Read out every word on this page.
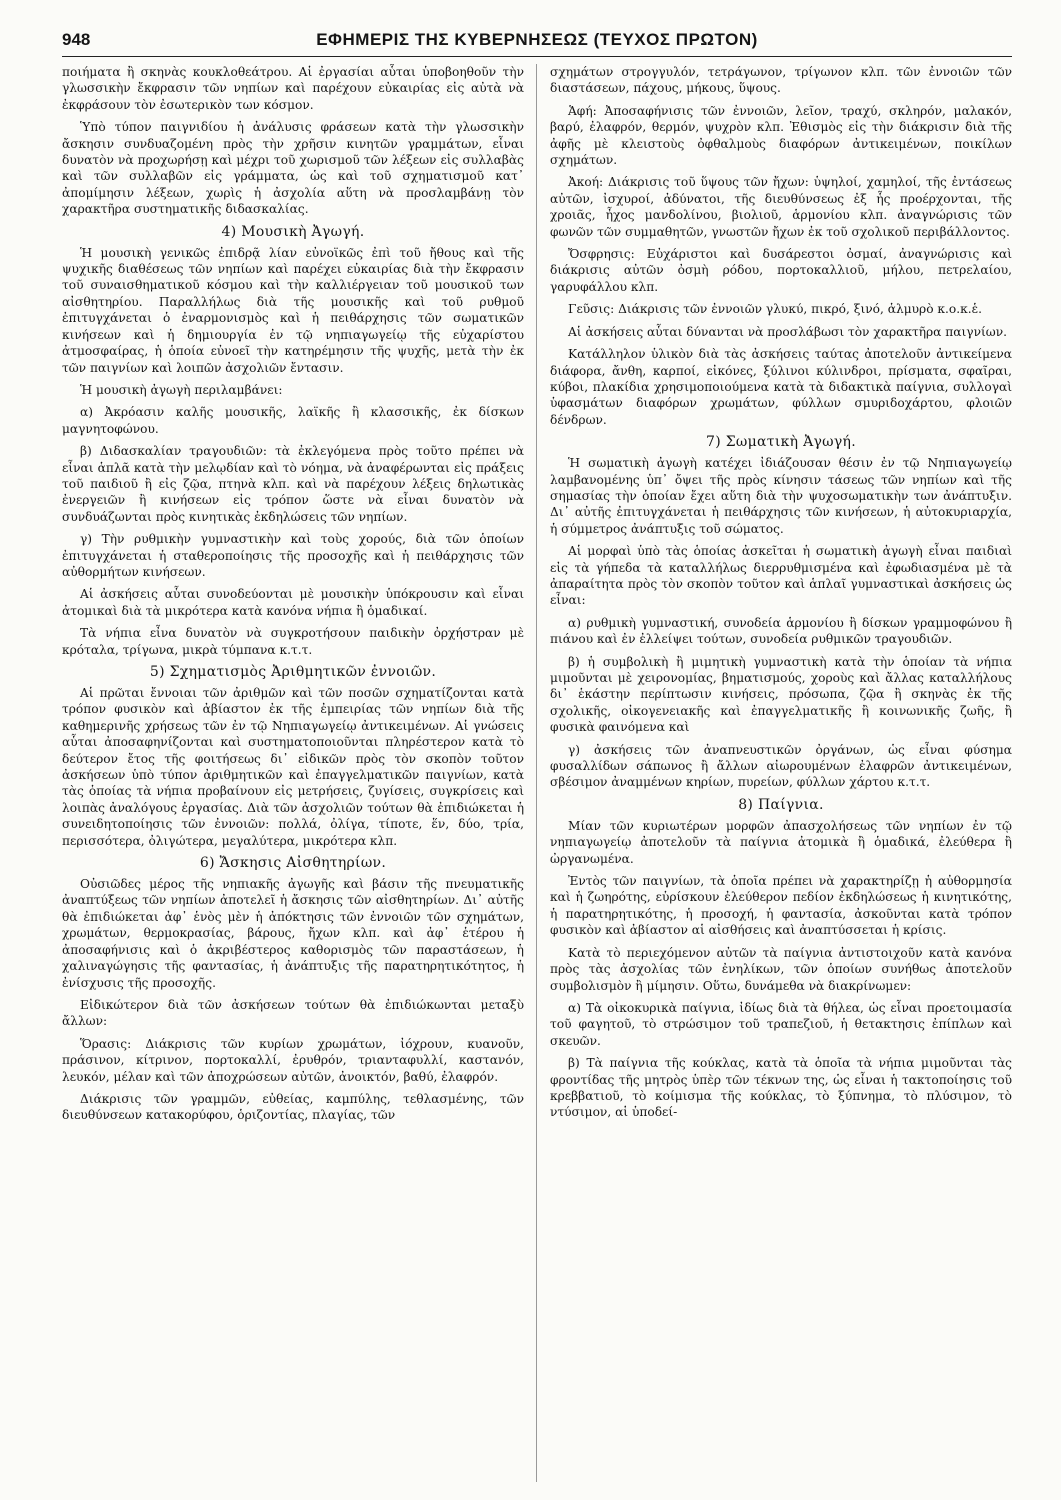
948	ΕΦΗΜΕΡΙΣ ΤΗΣ ΚΥΒΕΡΝΗΣΕΩΣ (ΤΕΥΧΟΣ ΠΡΩΤΟΝ)

ποιήματα ἢ σκηνὰς κουκλοθεάτρου. Αἱ ἐργασίαι αὗται ὑποβοηθοῦν τὴν γλωσσικὴν ἔκφρασιν τῶν νηπίων καὶ παρέχουν εὐκαιρίας εἰς αὐτὰ νὰ ἐκφράσουν τὸν ἐσωτερικὸν των κόσμον.

Ὑπὸ τύπον παιγνιδίου ἡ ἀνάλυσις φράσεων κατὰ τὴν γλωσσικὴν ἄσκησιν συνδυαζομένη πρὸς τὴν χρῆσιν κινητῶν γραμμάτων, εἶναι δυνατὸν νὰ προχωρήσῃ καὶ μέχρι τοῦ χωρισμοῦ τῶν λέξεων εἰς συλλαβὰς καὶ τῶν συλλαβῶν εἰς γράμματα, ὡς καὶ τοῦ σχηματισμοῦ κατ᾿ ἀπομίμησιν λέξεων, χωρὶς ἡ ἀσχολία αὕτη νὰ προσλαμβάνῃ τὸν χαρακτῆρα συστηματικῆς διδασκαλίας.

4) Μουσικὴ Ἀγωγή.

Ἡ μουσικὴ γενικῶς ἐπιδρᾷ λίαν εὐνοϊκῶς ἐπὶ τοῦ ἤθους καὶ τῆς ψυχικῆς διαθέσεως τῶν νηπίων καὶ παρέχει εὐκαιρίας διὰ τὴν ἔκφρασιν τοῦ συναισθηματικοῦ κόσμου καὶ τὴν καλλιέργειαν τοῦ μουσικοῦ των αἰσθητηρίου. Παραλλήλως διὰ τῆς μουσικῆς καὶ τοῦ ρυθμοῦ ἐπιτυγχάνεται ὁ ἐναρμονισμὸς καὶ ἡ πειθάρχησις τῶν σωματικῶν κινήσεων καὶ ἡ δημιουργία ἐν τῷ νηπιαγωγείῳ τῆς εὐχαρίστου ἀτμοσφαίρας, ἡ ὁποία εὐνοεῖ τὴν κατηρέμησιν τῆς ψυχῆς, μετὰ τὴν ἐκ τῶν παιγνίων καὶ λοιπῶν ἀσχολιῶν ἔντασιν.

Ἡ μουσικὴ ἀγωγὴ περιλαμβάνει:

α) Ἀκρόασιν καλῆς μουσικῆς, λαϊκῆς ἢ κλασσικῆς, ἐκ δίσκων μαγνητοφώνου.

β) Διδασκαλίαν τραγουδιῶν: τὰ ἐκλεγόμενα πρὸς τοῦτο πρέπει νὰ εἶναι ἁπλᾶ κατὰ τὴν μελῳδίαν καὶ τὸ νόημα, νὰ ἀναφέρωνται εἰς πράξεις τοῦ παιδιοῦ ἢ εἰς ζῷα, πτηνὰ κλπ. καὶ νὰ παρέχουν λέξεις δηλωτικὰς ἐνεργειῶν ἢ κινήσεων εἰς τρόπον ὥστε νὰ εἶναι δυνατὸν νὰ συνδυάζωνται πρὸς κινητικὰς ἐκδηλώσεις τῶν νηπίων.

γ) Τὴν ρυθμικὴν γυμναστικὴν καὶ τοὺς χορούς, διὰ τῶν ὁποίων ἐπιτυγχάνεται ἡ σταθεροποίησις τῆς προσοχῆς καὶ ἡ πειθάρχησις τῶν αὐθορμήτων κινήσεων.

Αἱ ἀσκήσεις αὗται συνοδεύονται μὲ μουσικὴν ὑπόκρουσιν καὶ εἶναι ἀτομικαὶ διὰ τὰ μικρότερα κατὰ κανόνα νήπια ἢ ὁμαδικαί.

Τὰ νήπια εἶνα δυνατὸν νὰ συγκροτήσουν παιδικὴν ὀρχήστραν μὲ κρόταλα, τρίγωνα, μικρὰ τύμπανα κ.τ.τ.

5) Σχηματισμὸς Ἀριθμητικῶν ἐννοιῶν.

Αἱ πρῶται ἔννοιαι τῶν ἀριθμῶν καὶ τῶν ποσῶν σχηματίζονται κατὰ τρόπον φυσικὸν καὶ ἀβίαστον ἐκ τῆς ἐμπειρίας τῶν νηπίων διὰ τῆς καθημερινῆς χρήσεως τῶν ἐν τῷ Νηπιαγωγείῳ ἀντικειμένων. Αἱ γνώσεις αὗται ἀποσαφηνίζονται καὶ συστηματοποιοῦνται πληρέστερον κατὰ τὸ δεύτερον ἔτος τῆς φοιτήσεως δι᾿ εἰδικῶν πρὸς τὸν σκοπὸν τοῦτον ἀσκήσεων ὑπὸ τύπον ἀριθμητικῶν καὶ ἐπαγγελματικῶν παιγνίων, κατὰ τὰς ὁποίας τὰ νήπια προβαίνουν εἰς μετρήσεις, ζυγίσεις, συγκρίσεις καὶ λοιπὰς ἀναλόγους ἐργασίας. Διὰ τῶν ἀσχολιῶν τούτων θὰ ἐπιδιώκεται ἡ συνειδητοποίησις τῶν ἐννοιῶν: πολλά, ὀλίγα, τίποτε, ἕν, δύο, τρία, περισσότερα, ὀλιγώτερα, μεγαλύτερα, μικρότερα κλπ.

6) Ἄσκησις Αἰσθητηρίων.

Οὐσιῶδες μέρος τῆς νηπιακῆς ἀγωγῆς καὶ βάσιν τῆς πνευματικῆς ἀναπτύξεως τῶν νηπίων ἀποτελεῖ ἡ ἄσκησις τῶν αἰσθητηρίων. Δι᾿ αὐτῆς θὰ ἐπιδιώκεται ἀφ᾿ ἑνὸς μὲν ἡ ἀπόκτησις τῶν ἐννοιῶν τῶν σχημάτων, χρωμάτων, θερμοκρασίας, βάρους, ἤχων κλπ. καὶ ἀφ᾿ ἑτέρου ἡ ἀποσαφήνισις καὶ ὁ ἀκριβέστερος καθορισμὸς τῶν παραστάσεων, ἡ χαλιναγώγησις τῆς φαντασίας, ἡ ἀνάπτυξις τῆς παρατηρητικότητος, ἡ ἐνίσχυσις τῆς προσοχῆς.

Εἰδικώτερον διὰ τῶν ἀσκήσεων τούτων θὰ ἐπιδιώκωνται μεταξὺ ἄλλων:

Ὅρασις: Διάκρισις τῶν κυρίων χρωμάτων, ἰόχρουν, κυανοῦν, πράσινον, κίτρινον, πορτοκαλλί, ἐρυθρόν, τριανταφυλλί, καστανόν, λευκόν, μέλαν καὶ τῶν ἀποχρώσεων αὐτῶν, ἀνοικτόν, βαθύ, ἐλαφρόν.

Διάκρισις τῶν γραμμῶν, εὐθείας, καμπύλης, τεθλασμένης, τῶν διευθύνσεων κατακορύφου, ὁριζοντίας, πλαγίας, τῶν

σχημάτων στρογγυλόν, τετράγωνον, τρίγωνον κλπ. τῶν ἐννοιῶν τῶν διαστάσεων, πάχους, μήκους, ὕψους.

Ἁφή: Ἀποσαφήνισις τῶν ἐννοιῶν, λεῖον, τραχύ, σκληρόν, μαλακόν, βαρύ, ἐλαφρόν, θερμόν, ψυχρὸν κλπ. Ἐθισμὸς εἰς τὴν διάκρισιν διὰ τῆς ἀφῆς μὲ κλειστοὺς ὀφθαλμοὺς διαφόρων ἀντικειμένων, ποικίλων σχημάτων.

Ἀκοή: Διάκρισις τοῦ ὕψους τῶν ἤχων: ὑψηλοί, χαμηλοί, τῆς ἐντάσεως αὐτῶν, ἰσχυροί, ἀδύνατοι, τῆς διευθύνσεως ἐξ ἧς προέρχονται, τῆς χροιᾶς, ἦχος μανδολίνου, βιολιοῦ, ἁρμονίου κλπ. ἀναγνώρισις τῶν φωνῶν τῶν συμμαθητῶν, γνωστῶν ἤχων ἐκ τοῦ σχολικοῦ περιβάλλοντος.

Ὄσφρησις: Εὐχάριστοι καὶ δυσάρεστοι ὀσμαί, ἀναγνώρισις καὶ διάκρισις αὐτῶν ὀσμὴ ρόδου, πορτοκαλλιοῦ, μήλου, πετρελαίου, γαρυφάλλου κλπ.

Γεῦσις: Διάκρισις τῶν ἐννοιῶν γλυκύ, πικρό, ξινό, ἁλμυρὸ κ.ο.κ.ἑ.

Αἱ ἀσκήσεις αὗται δύνανται νὰ προσλάβωσι τὸν χαρακτῆρα παιγνίων.

Κατάλληλον ὑλικὸν διὰ τὰς ἀσκήσεις ταύτας ἀποτελοῦν ἀντικείμενα διάφορα, ἄνθη, καρποί, εἰκόνες, ξύλινοι κύλινδροι, πρίσματα, σφαῖραι, κύβοι, πλακίδια χρησιμοποιούμενα κατὰ τὰ διδακτικὰ παίγνια, συλλογαὶ ὑφασμάτων διαφόρων χρωμάτων, φύλλων σμυριδοχάρτου, φλοιῶν δένδρων.

7) Σωματικὴ Ἀγωγή.

Ἡ σωματικὴ ἀγωγὴ κατέχει ἰδιάζουσαν θέσιν ἐν τῷ Νηπιαγωγείῳ λαμβανομένης ὑπ᾿ ὄψει τῆς πρὸς κίνησιν τάσεως τῶν νηπίων καὶ τῆς σημασίας τὴν ὁποίαν ἔχει αὕτη διὰ τὴν ψυχοσωματικὴν των ἀνάπτυξιν. Δι᾿ αὐτῆς ἐπιτυγχάνεται ἡ πειθάρχησις τῶν κινήσεων, ἡ αὐτοκυριαρχία, ἡ σύμμετρος ἀνάπτυξις τοῦ σώματος.

Αἱ μορφαὶ ὑπὸ τὰς ὁποίας ἀσκεῖται ἡ σωματικὴ ἀγωγὴ εἶναι παιδιαὶ εἰς τὰ γήπεδα τὰ καταλλήλως διερρυθμισμένα καὶ ἐφωδιασμένα μὲ τὰ ἀπαραίτητα πρὸς τὸν σκοπὸν τοῦτον καὶ ἁπλαῖ γυμναστικαὶ ἀσκήσεις ὡς εἶναι:

α) ρυθμικὴ γυμναστική, συνοδεία ἁρμονίου ἢ δίσκων γραμμοφώνου ἢ πιάνου καὶ ἐν ἐλλείψει τούτων, συνοδεία ρυθμικῶν τραγουδιῶν.

β) ἡ συμβολικὴ ἢ μιμητικὴ γυμναστικὴ κατὰ τὴν ὁποίαν τὰ νήπια μιμοῦνται μὲ χειρονομίας, βηματισμούς, χοροὺς καὶ ἄλλας καταλλήλους δι᾿ ἑκάστην περίπτωσιν κινήσεις, πρόσωπα, ζῷα ἢ σκηνὰς ἐκ τῆς σχολικῆς, οἰκογενειακῆς καὶ ἐπαγγελματικῆς ἢ κοινωνικῆς ζωῆς, ἢ φυσικὰ φαινόμενα καὶ

γ) ἀσκήσεις τῶν ἀναπνευστικῶν ὀργάνων, ὡς εἶναι φύσημα φυσαλλίδων σάπωνος ἢ ἄλλων αἰωρουμένων ἐλαφρῶν ἀντικειμένων, σβέσιμον ἀναμμένων κηρίων, πυρείων, φύλλων χάρτου κ.τ.τ.

8) Παίγνια.

Μίαν τῶν κυριωτέρων μορφῶν ἀπασχολήσεως τῶν νηπίων ἐν τῷ νηπιαγωγείῳ ἀποτελοῦν τὰ παίγνια ἀτομικὰ ἢ ὁμαδικά, ἐλεύθερα ἢ ὠργανωμένα.

Ἐντὸς τῶν παιγνίων, τὰ ὁποῖα πρέπει νὰ χαρακτηρίζῃ ἡ αὐθορμησία καὶ ἡ ζωηρότης, εὑρίσκουν ἐλεύθερον πεδίον ἐκδηλώσεως ἡ κινητικότης, ἡ παρατηρητικότης, ἡ προσοχή, ἡ φαντασία, ἀσκοῦνται κατὰ τρόπον φυσικὸν καὶ ἀβίαστον αἱ αἰσθήσεις καὶ ἀναπτύσσεται ἡ κρίσις.

Κατὰ τὸ περιεχόμενον αὐτῶν τὰ παίγνια ἀντιστοιχοῦν κατὰ κανόνα πρὸς τὰς ἀσχολίας τῶν ἐνηλίκων, τῶν ὁποίων συνήθως ἀποτελοῦν συμβολισμὸν ἢ μίμησιν. Οὕτω, δυνάμεθα νὰ διακρίνωμεν:

α) Τὰ οἰκοκυρικὰ παίγνια, ἰδίως διὰ τὰ θήλεα, ὡς εἶναι προετοιμασία τοῦ φαγητοῦ, τὸ στρώσιμον τοῦ τραπεζιοῦ, ἡ θετακτησις ἐπίπλων καὶ σκευῶν.

β) Τὰ παίγνια τῆς κούκλας, κατὰ τὰ ὁποῖα τὰ νήπια μιμοῦνται τὰς φροντίδας τῆς μητρὸς ὑπὲρ τῶν τέκνων της, ὡς εἶναι ἡ τακτοποίησις τοῦ κρεββατιοῦ, τὸ κοίμισμα τῆς κούκλας, τὸ ξύπνημα, τὸ πλύσιμον, τὸ ντύσιμον, αἱ ὑποδεί-
